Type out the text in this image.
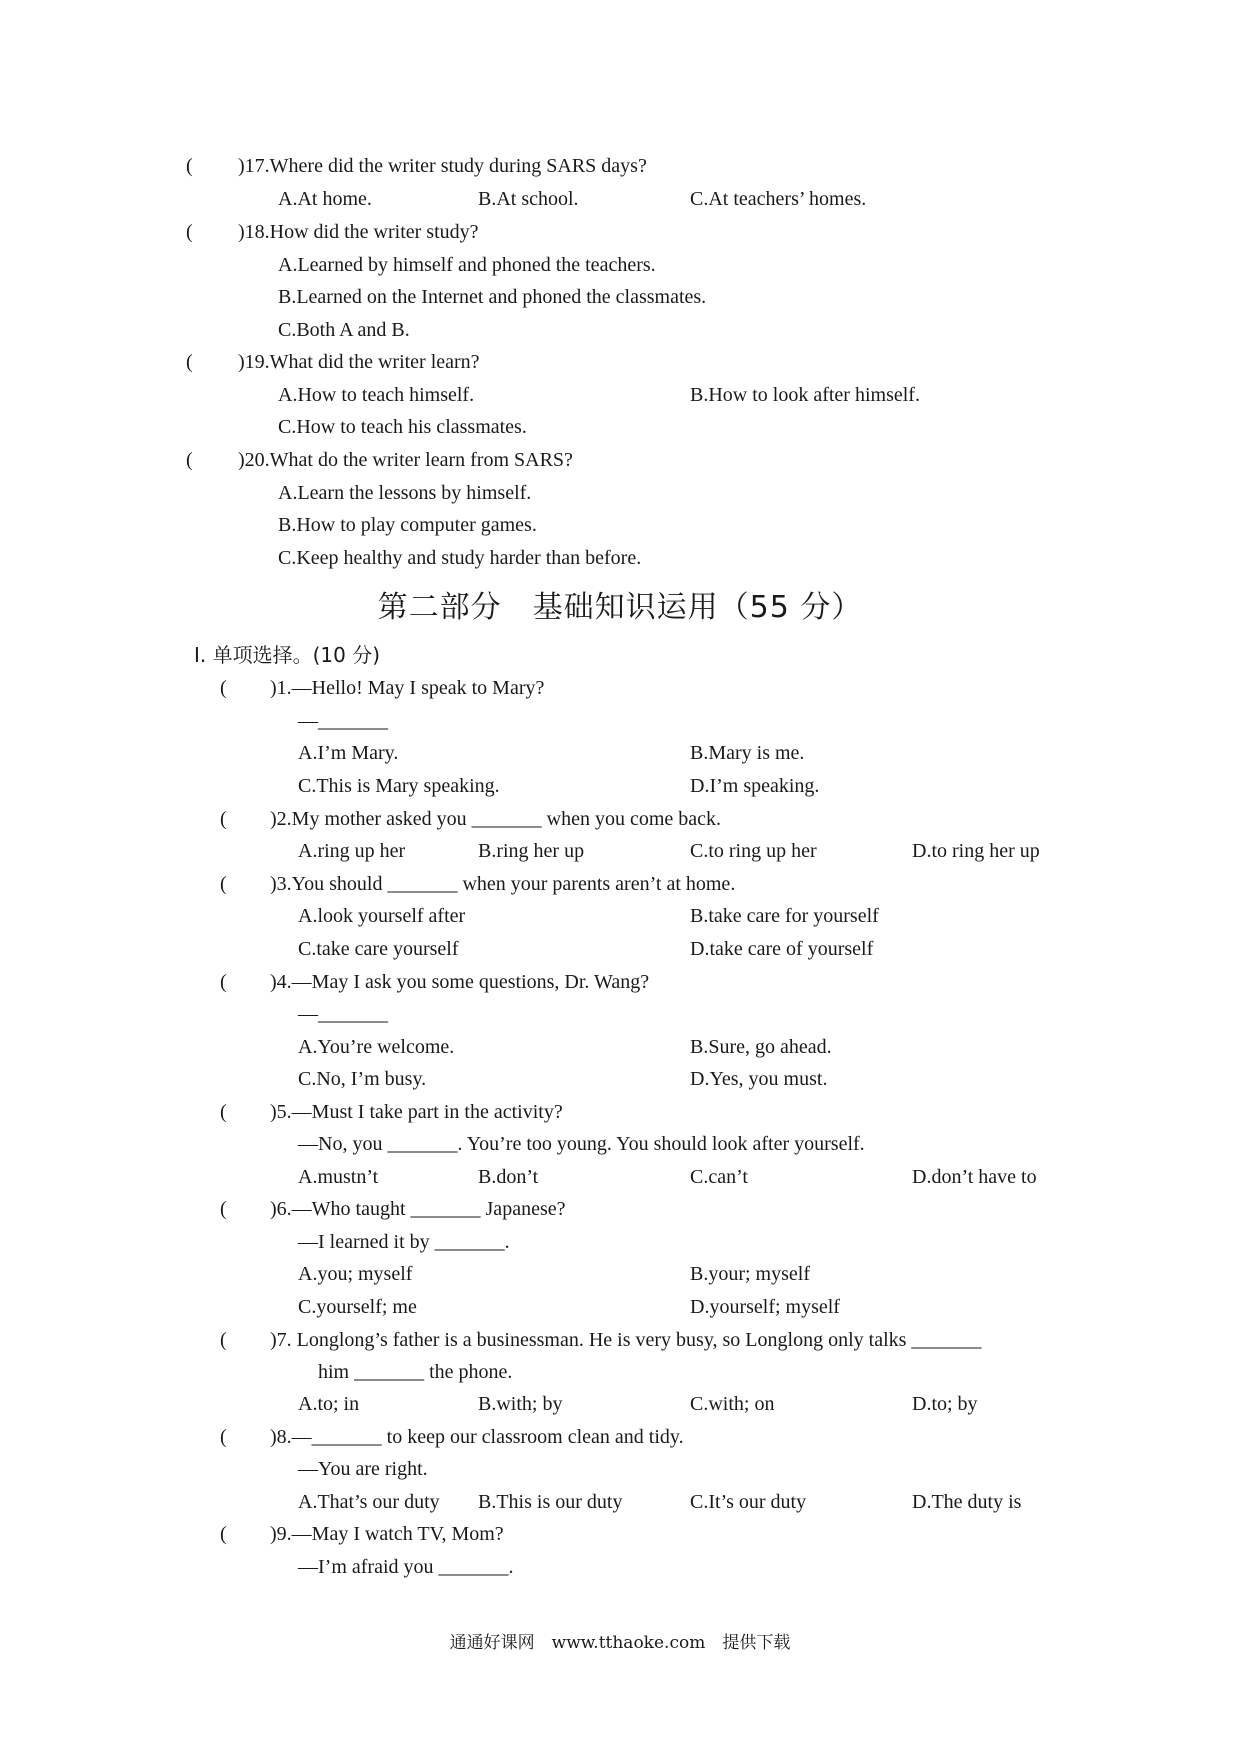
( )17.Where did the writer study during SARS days?
A.At home.	B.At school.	C.At teachers’ homes.
( )18.How did the writer study?
A.Learned by himself and phoned the teachers.
B.Learned on the Internet and phoned the classmates.
C.Both A and B.
( )19.What did the writer learn?
A.How to teach himself.	B.How to look after himself.
C.How to teach his classmates.
( )20.What do the writer learn from SARS?
A.Learn the lessons by himself.
B.How to play computer games.
C.Keep healthy and study harder than before.
第二部分　基础知识运用（55 分）
Ⅰ. 单项选择。(10 分)
( )1.—Hello! May I speak to Mary?
—_______
A.I’m Mary.	B.Mary is me.
C.This is Mary speaking.	D.I’m speaking.
( )2.My mother asked you _______ when you come back.
A.ring up her	B.ring her up	C.to ring up her	D.to ring her up
( )3.You should _______ when your parents aren’t at home.
A.look yourself after	B.take care for yourself
C.take care yourself	D.take care of yourself
( )4.—May I ask you some questions, Dr. Wang?
—_______
A.You’re welcome.	B.Sure, go ahead.
C.No, I’m busy.	D.Yes, you must.
( )5.—Must I take part in the activity?
—No, you _______. You’re too young. You should look after yourself.
A.mustn’t	B.don’t	C.can’t	D.don’t have to
( )6.—Who taught _______ Japanese?
—I learned it by _______.
A.you; myself	B.your; myself
C.yourself; me	D.yourself; myself
( )7. Longlong’s father is a businessman. He is very busy, so Longlong only talks _______
him _______ the phone.
A.to; in	B.with; by	C.with; on	D.to; by
( )8.—_______ to keep our classroom clean and tidy.
—You are right.
A.That’s our duty B.This is our duty	C.It’s our duty	D.The duty is
( )9.—May I watch TV, Mom?
—I’m afraid you _______.
通通好课网　www.tthaoke.com　提供下载
